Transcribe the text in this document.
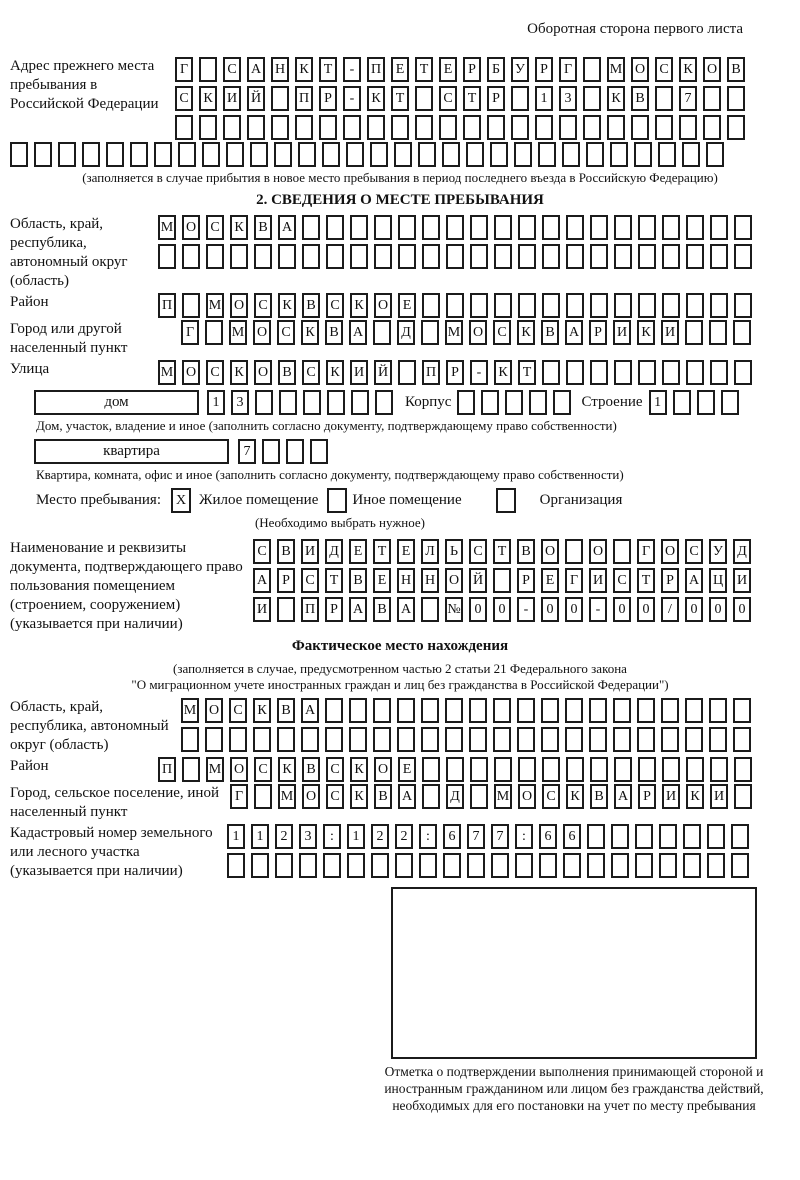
Оборотная сторона первого листа
Адрес прежнего места пребывания в Российской Федерации
Г	С	А Н	К	Т	-	П	Е	Т	Е	Р	Б	У	Р	Г	М О	С	К	О	В
С	К	И Й	П	Р	-	К	Т	С	Т	Р	1	3	К	В	7
(заполняется в случае прибытия в новое место пребывания в период последнего въезда в Российскую Федерацию)
2. СВЕДЕНИЯ О МЕСТЕ ПРЕБЫВАНИЯ
Область, край, республика, автономный округ (область)
М О	С	К	В	А
Район	П	М О	С	К	В	С	К	О	Е
Город или другой населенный пункт
Г	М О	С	К	В	А	Д	М О	С	К	В	А	Р	И	К	И
Улица	М О	С	К	О	В	С	К	И Й	П	Р	-	К	Т
дом	1	3	Корпус	Строение 1
Дом, участок, владение и иное (заполнить согласно документу, подтверждающему право собственности)
квартира	7
Квартира, комната, офис и иное (заполнить согласно документу, подтверждающему право собственности)
Место пребывания:	X Жилое помещение Иное помещение	Организация
(Необходимо выбрать нужное)
Наименование и реквизиты документа, подтверждающего право пользования помещением (строением, сооружением) (указывается при наличии)
С	В	И	Д	Е	Т	Е	Л	Ь	С	Т	В	О	О	Г	О	С	У	Д
А	Р	С	Т	В	Е	Н Н О Й	Р	Е	Г	И	С	Т	Р	А Ц И
И	П	Р	А	В	А	№ 0	0	-	0	0	-	0	0	/	0	0	0
Фактическое место нахождения
(заполняется в случае, предусмотренном частью 2 статьи 21 Федерального закона
"О миграционном учете иностранных граждан и лиц без гражданства в Российской Федерации")
Область, край, республика, автономный округ (область)
М О	С	К	В	А
Район	П	М О	С	К	В	С	К	О	Е
Город, сельское поселение, иной населенный пункт
Г	М О	С	К	В	А	Д	М О	С	К	В	А	Р	И	К	И
Кадастровый номер земельного или лесного участка (указывается при наличии)
1	1	2	3	:	1	2	2	:	6	7	7	:	6	6
Отметка о подтверждении выполнения принимающей стороной и иностранным гражданином или лицом без гражданства действий, необходимых для его постановки на учет по месту пребывания
